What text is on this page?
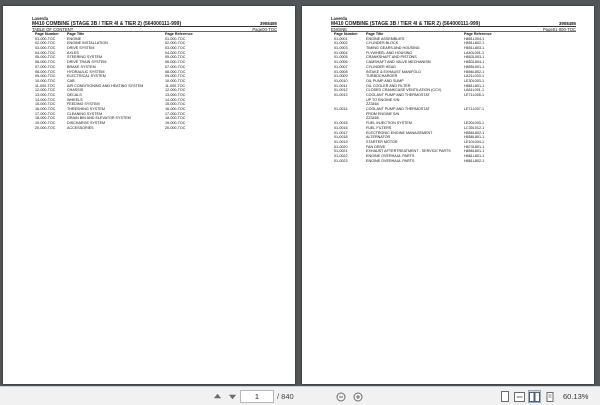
Laverda
M410 COMBINE (STAGE 3B / TIER 4I & TIER 2) (564000111-999)	3908485
TABLE OF CONTENT	Page00-TOC
Page Number Page Title	Page Reference
01-000-TOC	ENGINE	01-000-TOC
02-000-TOC	ENGINE INSTALLATION	02-000-TOC
03-000-TOC	DRIVE SYSTEM	03-000-TOC
04-000-TOC	AXLES	04-000-TOC
05-000-TOC	STEERING SYSTEM	05-000-TOC
06-000-TOC	DRIVE TRAIN SYSTEM	06-000-TOC
07-000-TOC	BRAKE SYSTEM	07-000-TOC
08-000-TOC	HYDRAULIC SYSTEM	08-000-TOC
09-000-TOC	ELECTRICAL SYSTEM	09-000-TOC
10-000-TOC	CAB	10-000-TOC
11-000-TOC	AIR CONDITIONING AND HEATING SYSTEM	11-000-TOC
12-000-TOC	CHASSIS	12-000-TOC
13-000-TOC	DECALS	13-000-TOC
14-000-TOC	WHEELS	14-000-TOC
15-000-TOC	FEEDING SYSTEM	15-000-TOC
16-000-TOC	THRESHING SYSTEM	16-000-TOC
17-000-TOC	CLEANING SYSTEM	17-000-TOC
18-000-TOC	GRAIN BIN AND ELEVATOR SYSTEM	18-000-TOC
19-000-TOC	DISCHARGE SYSTEM	19-000-TOC
20-000-TOC	ACCESSORIES	20-000-TOC
Laverda
M410 COMBINE (STAGE 3B / TIER 4I & TIER 2) (564000111-999)	3908485
ENGINE	Page01-000-TOC
Page Number Page Title	Page Reference
01-0001	ENGINE ASSEMBLIES	H851L004-1
01-0002	CYLINDER BLOCK	H851L802-1
01-0003	TIMING GEARS AND HOUSING	H851L803-1
01-0004	FLYWHEEL AND HOUSING	LA40L001-1
01-0005	CRANKSHAFT AND PISTONS	H853L003-1
01-0006	CAMSHAFT AND VALVE MECHANISM	H853L804-1
01-0007	CYLINDER HEAD	H855L001-1
01-0008	INTAKE & EXHAUST MANIFOLD	H856L802-1
01-0009	TURBOCHARGER	LA21L003-1
01-0010	OIL PUMP AND SUMP	LE30L003-1
01-0011	OIL COOLER AND FILTER	H861L801-1
01-0012	CLOSED CRANKCASE VENTILATION (CCV)	LA61L001-1
01-0013	COOLANT PUMP AND THERMOSTAT	LE71L005-1
UP TO ENGINE S/N
ZZ3464
01-0014	COOLANT PUMP AND THERMOSTAT	LE71L007-1
FROM ENGINE S/N
ZZ3465
01-0015	FUEL INJECTION SYSTEM	LE20L003-1
01-0016	FUEL FILTERS	LC30L012-1
01-0017	ELECTRONIC ENGINE MANAGEMENT	H856L802-1
01-0018	ALTERNATOR	H558L801-1
01-0019	STARTER MOTOR	LE10L004-1
01-0020	FAN DRIVE	H873L801-1
01-0021	EXHAUST AFTERTREATMENT - SERVICE PARTS	H856L801-1
01-0022	ENGINE OVERHAUL PARTS	H861L801-1
01-0023	ENGINE OVERHAUL PARTS	H861L802-1
1	/ 840	60.13%
